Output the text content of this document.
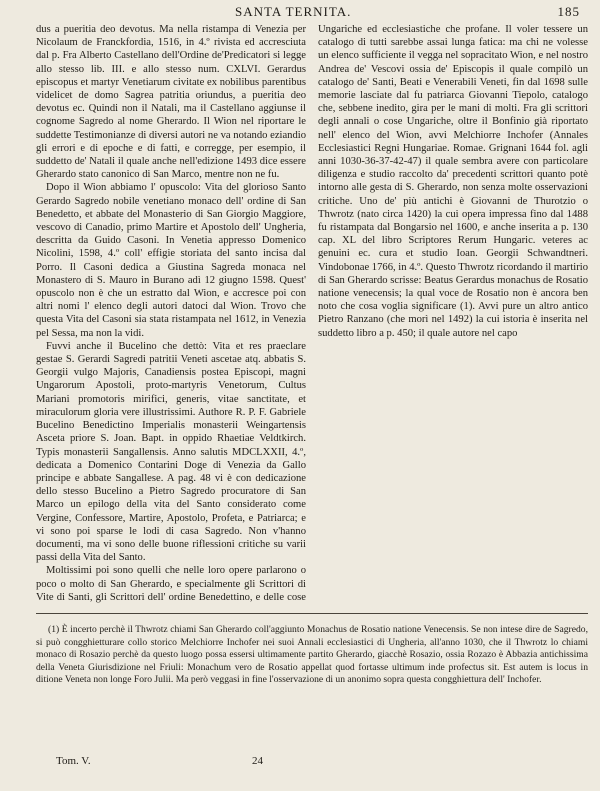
SANTA TERNITA.	185

dus a pueritia deo devotus. Ma nella ristampa di Venezia per Nicolaum de Franckfordia, 1516, in 4.º rivista ed accresciuta dal p. Fra Alberto Castellano dell'Ordine de'Predicatori si legge allo stesso lib. III. e allo stesso num. CXLVI. Gerardus episcopus et martyr Venetiarum civitate ex nobilibus parentibus videlicet de domo Sagrea patritia oriundus, a pueritia deo devotus ec. Quindi non il Natali, ma il Castellano aggiunse il cognome Sagredo al nome Gherardo. Il Wion nel riportare le suddette Testimonianze di diversi autori ne va notando eziandio gli errori e di epoche e di fatti, e corregge, per esempio, il suddetto de' Natali il quale anche nell'edizione 1493 dice essere Gherardo stato canonico di San Marco, mentre non ne fu.

Dopo il Wion abbiamo l' opuscolo: Vita del glorioso Santo Gerardo Sagredo nobile venetiano monaco dell' ordine di San Benedetto, et abbate del Monasterio di San Giorgio Maggiore, vescovo di Canadio, primo Martire et Apostolo dell' Ungheria, descritta da Guido Casoni. In Venetia appresso Domenico Nicolini, 1598, 4.º coll' effigie storiata del santo incisa dal Porro. Il Casoni dedica a Giustina Sagreda monaca nel Monastero di S. Mauro in Burano adì 12 giugno 1598. Quest' opuscolo non è che un estratto dal Wion, e accresce poi con altri nomi l' elenco degli autori datoci dal Wion. Trovo che questa Vita del Casoni sia stata ristampata nel 1612, in Venezia pel Sessa, ma non la vidi.

Fuvvi anche il Bucelino che dettò: Vita et res praeclare gestae S. Gerardi Sagredi patritii Veneti ascetae atq. abbatis S. Georgii vulgo Majoris, Canadiensis postea Episcopi, magni Ungarorum Apostoli, proto-martyris Venetorum, Cultus Mariani promotoris mirifici, generis, vitae sanctitate, et miraculorum gloria vere illustrissimi. Authore R. P. F. Gabriele Bucelino Benedictino Imperialis monasterii Weingartensis Asceta priore S. Joan. Bapt. in oppido Rhaetiae Veldtkirch. Typis monasterii Sangallensis. Anno salutis MDCLXXII, 4.º, dedicata a Domenico Contarini Doge di Venezia da Gallo principe e abbate Sangallese. A pag. 48 vi è con dedicazione dello stesso Bucelino a Pietro Sagredo procuratore di San Marco un epilogo della vita del Santo considerato come Vergine, Confessore, Martire, Apostolo, Profeta, e Patriarca; e vi sono poi sparse le lodi di casa Sagredo. Non v'hanno documenti, ma vi sono delle buone riflessioni critiche su varii passi della Vita del Santo.

Moltissimi poi sono quelli che nelle loro opere parlarono o poco o molto di San Gherardo, e specialmente gli Scrittori di Vite di Santi, gli Scrittori dell' ordine Benedettino, e delle cose Ungariche ed ecclesiastiche che profane. Il voler tessere un catalogo di tutti sarebbe assai lunga fatica: ma chi ne volesse un elenco sufficiente il vegga nel sopracitato Wion, e nel nostro Andrea de' Vescovi ossia de' Episcopis il quale compilò un catalogo de' Santi, Beati e Venerabili Veneti, fin dal 1698 sulle memorie lasciate dal fu patriarca Giovanni Tiepolo, catalogo che, sebbene inedito, gira per le mani di molti. Fra gli scrittori degli annali o cose Ungariche, oltre il Bonfinio già riportato nell' elenco del Wion, avvi Melchiorre Inchofer (Annales Ecclesiastici Regni Hungariae. Romae. Grignani 1644 fol. agli anni 1030-36-37-42-47) il quale sembra avere con particolare diligenza e studio raccolto da' precedenti scrittori quanto potè intorno alle gesta di S. Gherardo, non senza molte osservazioni critiche. Uno de' più antichi è Giovanni de Thurotzio o Thwrotz (nato circa 1420) la cui opera impressa fino dal 1488 fu ristampata dal Bongarsio nel 1600, e anche inserita a p. 130 cap. XL del libro Scriptores Rerum Hungaric. veteres ac genuini ec. cura et studio Ioan. Georgii Schwandtneri. Vindobonae 1766, in 4.º. Questo Thwrotz ricordando il martirio di San Gherardo scrisse: Beatus Gerardus monachus de Rosatio natione venecensis; la qual voce de Rosatio non è ancora ben noto che cosa voglia significare (1). Avvi pure un altro antico Pietro Ranzano (che morì nel 1492) la cui istoria è inserita nel suddetto libro a p. 450; il quale autore nel capo

(1) È incerto perchè il Thwrotz chiami San Gherardo coll'aggiunto Monachus de Rosatio natione Venecensis. Se non intese dire de Sagredo, si può congghietturare collo storico Melchiorre Inchofer nei suoi Annali ecclesiastici di Ungheria, all'anno 1030, che il Thwrotz lo chiami monaco di Rosazio perchè da questo luogo possa essersi ultimamente partito Gherardo, giacchè Rosazio, ossia Rozazo è Abbazia antichissima della Veneta Giurisdizione nel Friuli: Monachum vero de Rosatio appellat quod fortasse ultimum inde profectus sit. Est autem is locus in ditione Veneta non longe Foro Julii. Ma però veggasi in fine l'osservazione di un anonimo sopra questa congghiettura dell' Inchofer.

Tom. V.	24
